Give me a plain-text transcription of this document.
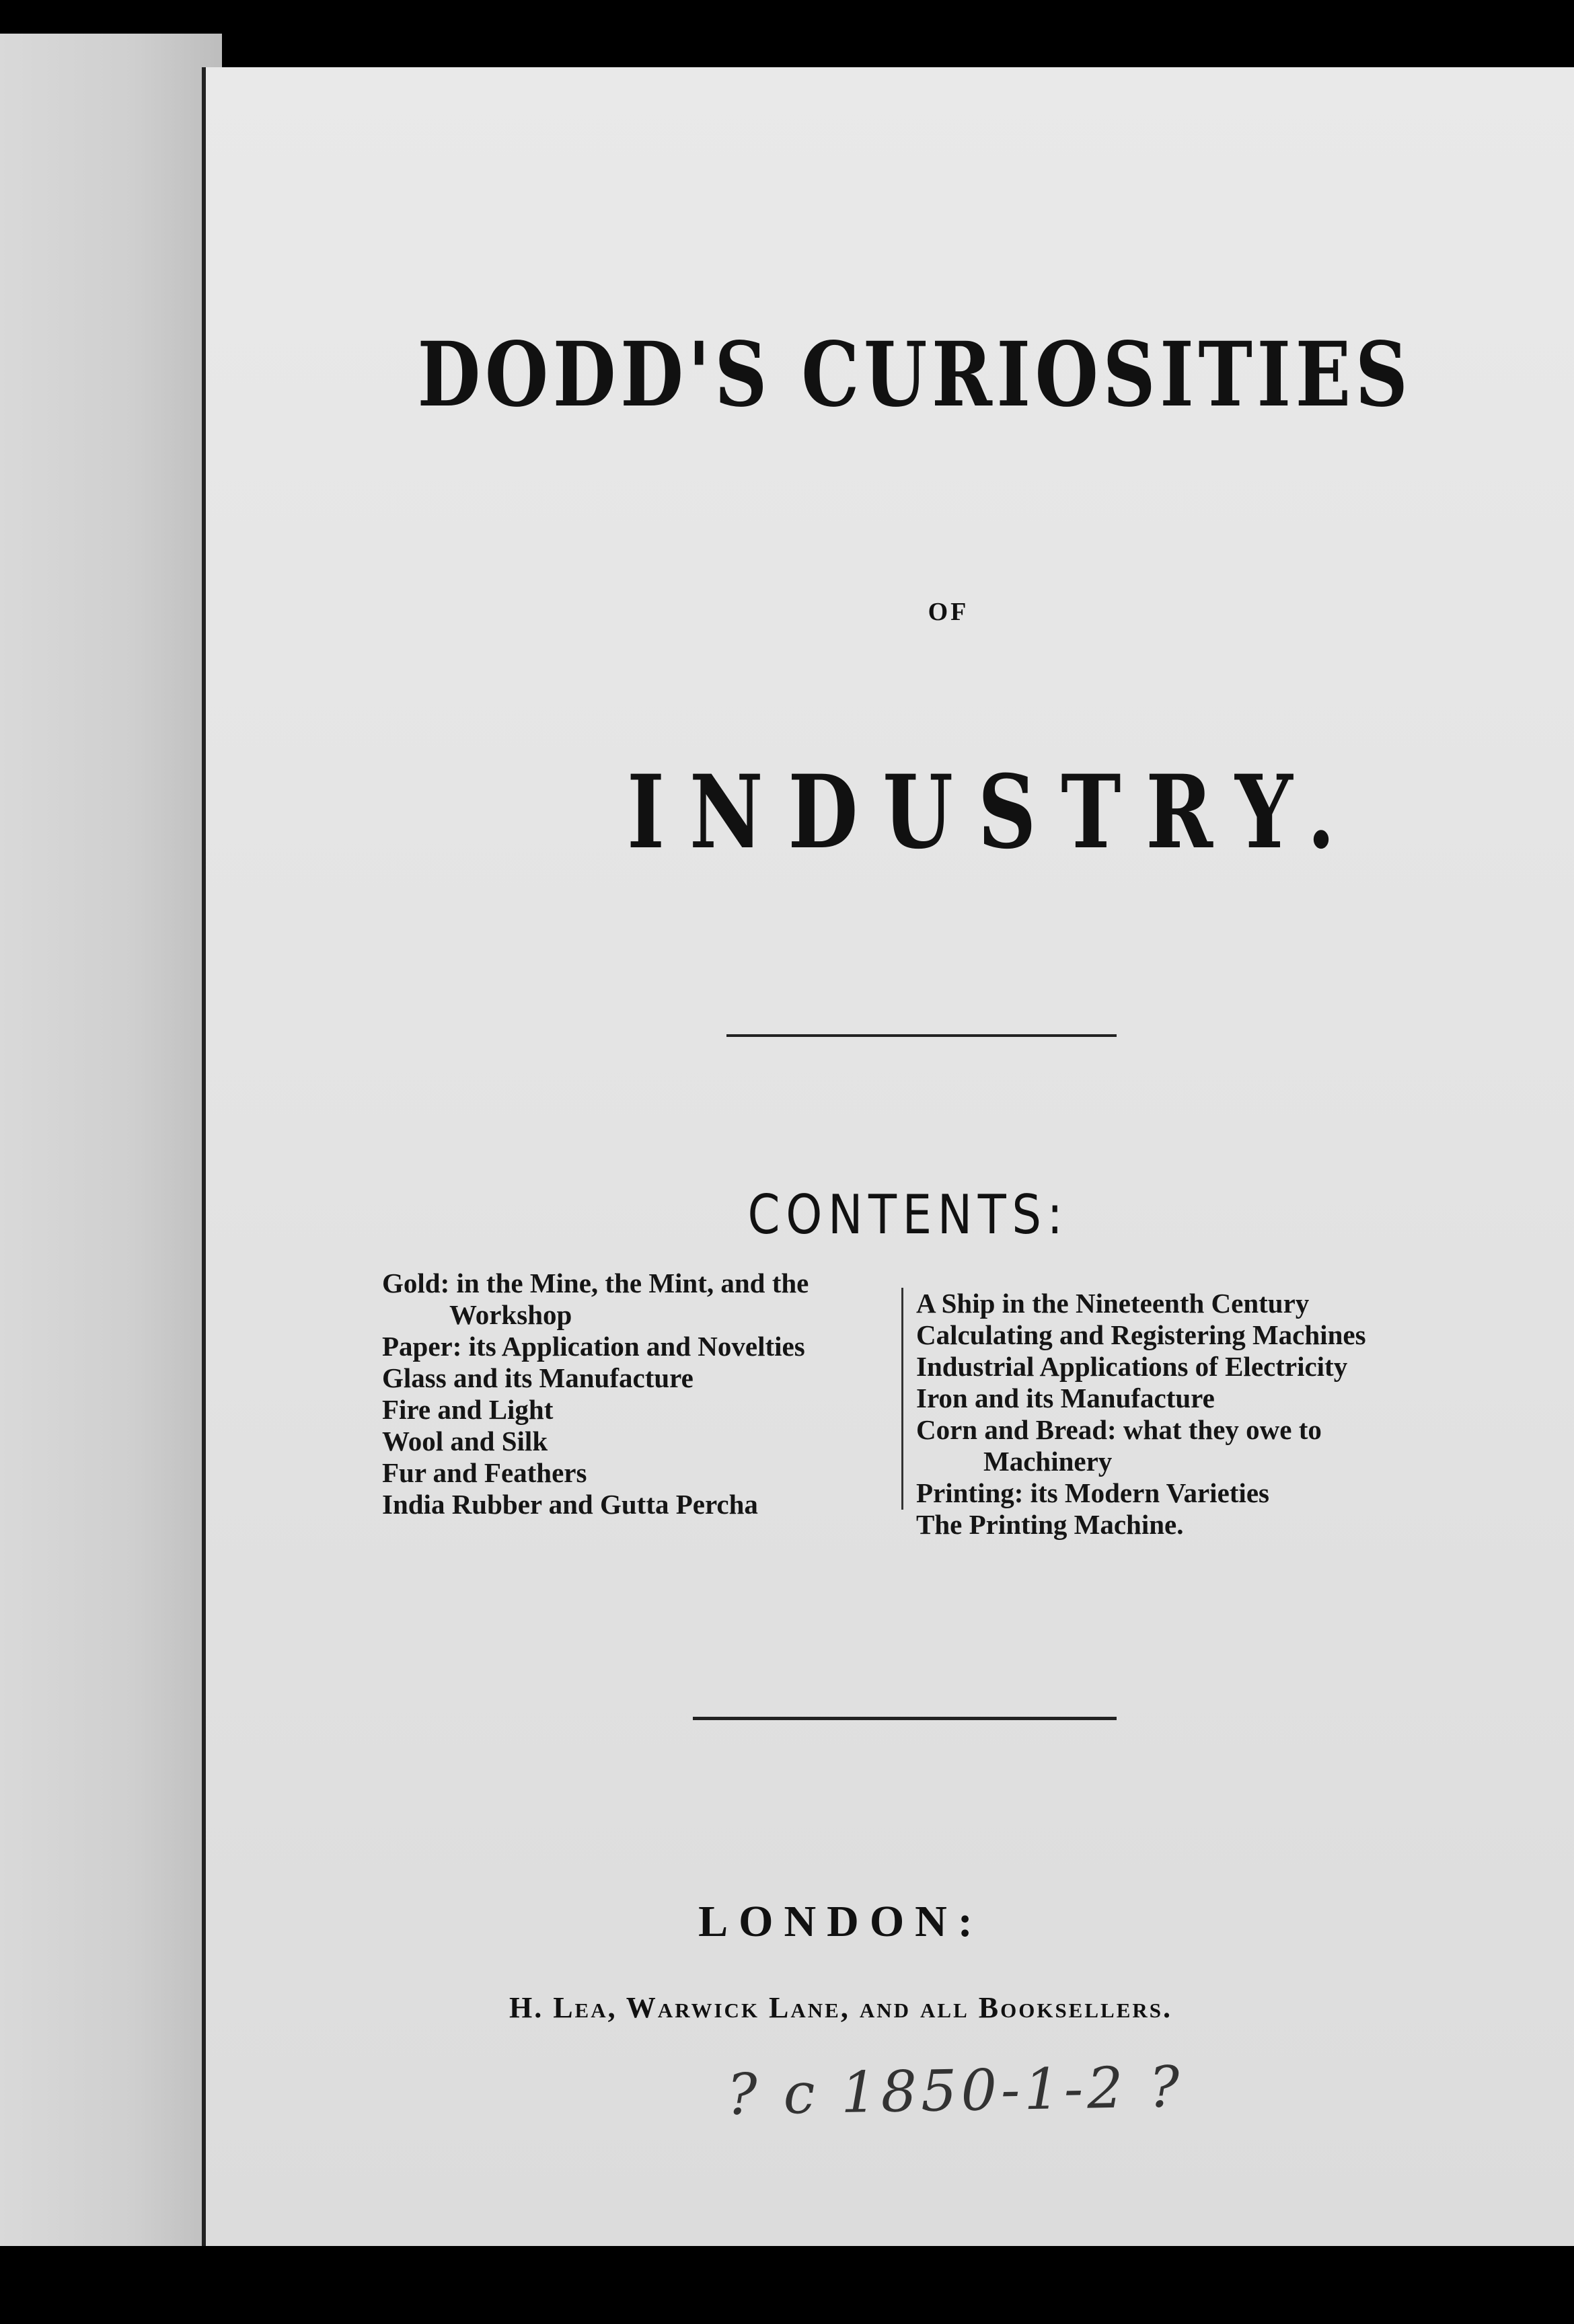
DODD'S CURIOSITIES
OF
INDUSTRY.
CONTENTS:
Gold: in the Mine, the Mint, and the
Workshop
Paper: its Application and Novelties
Glass and its Manufacture
Fire and Light
Wool and Silk
Fur and Feathers
India Rubber and Gutta Percha
A Ship in the Nineteenth Century
Calculating and Registering Machines
Industrial Applications of Electricity
Iron and its Manufacture
Corn and Bread: what they owe to
Machinery
Printing: its Modern Varieties
The Printing Machine.
LONDON:
H. Lea, Warwick Lane, and all Booksellers.
? c 1850-1-2 ?
